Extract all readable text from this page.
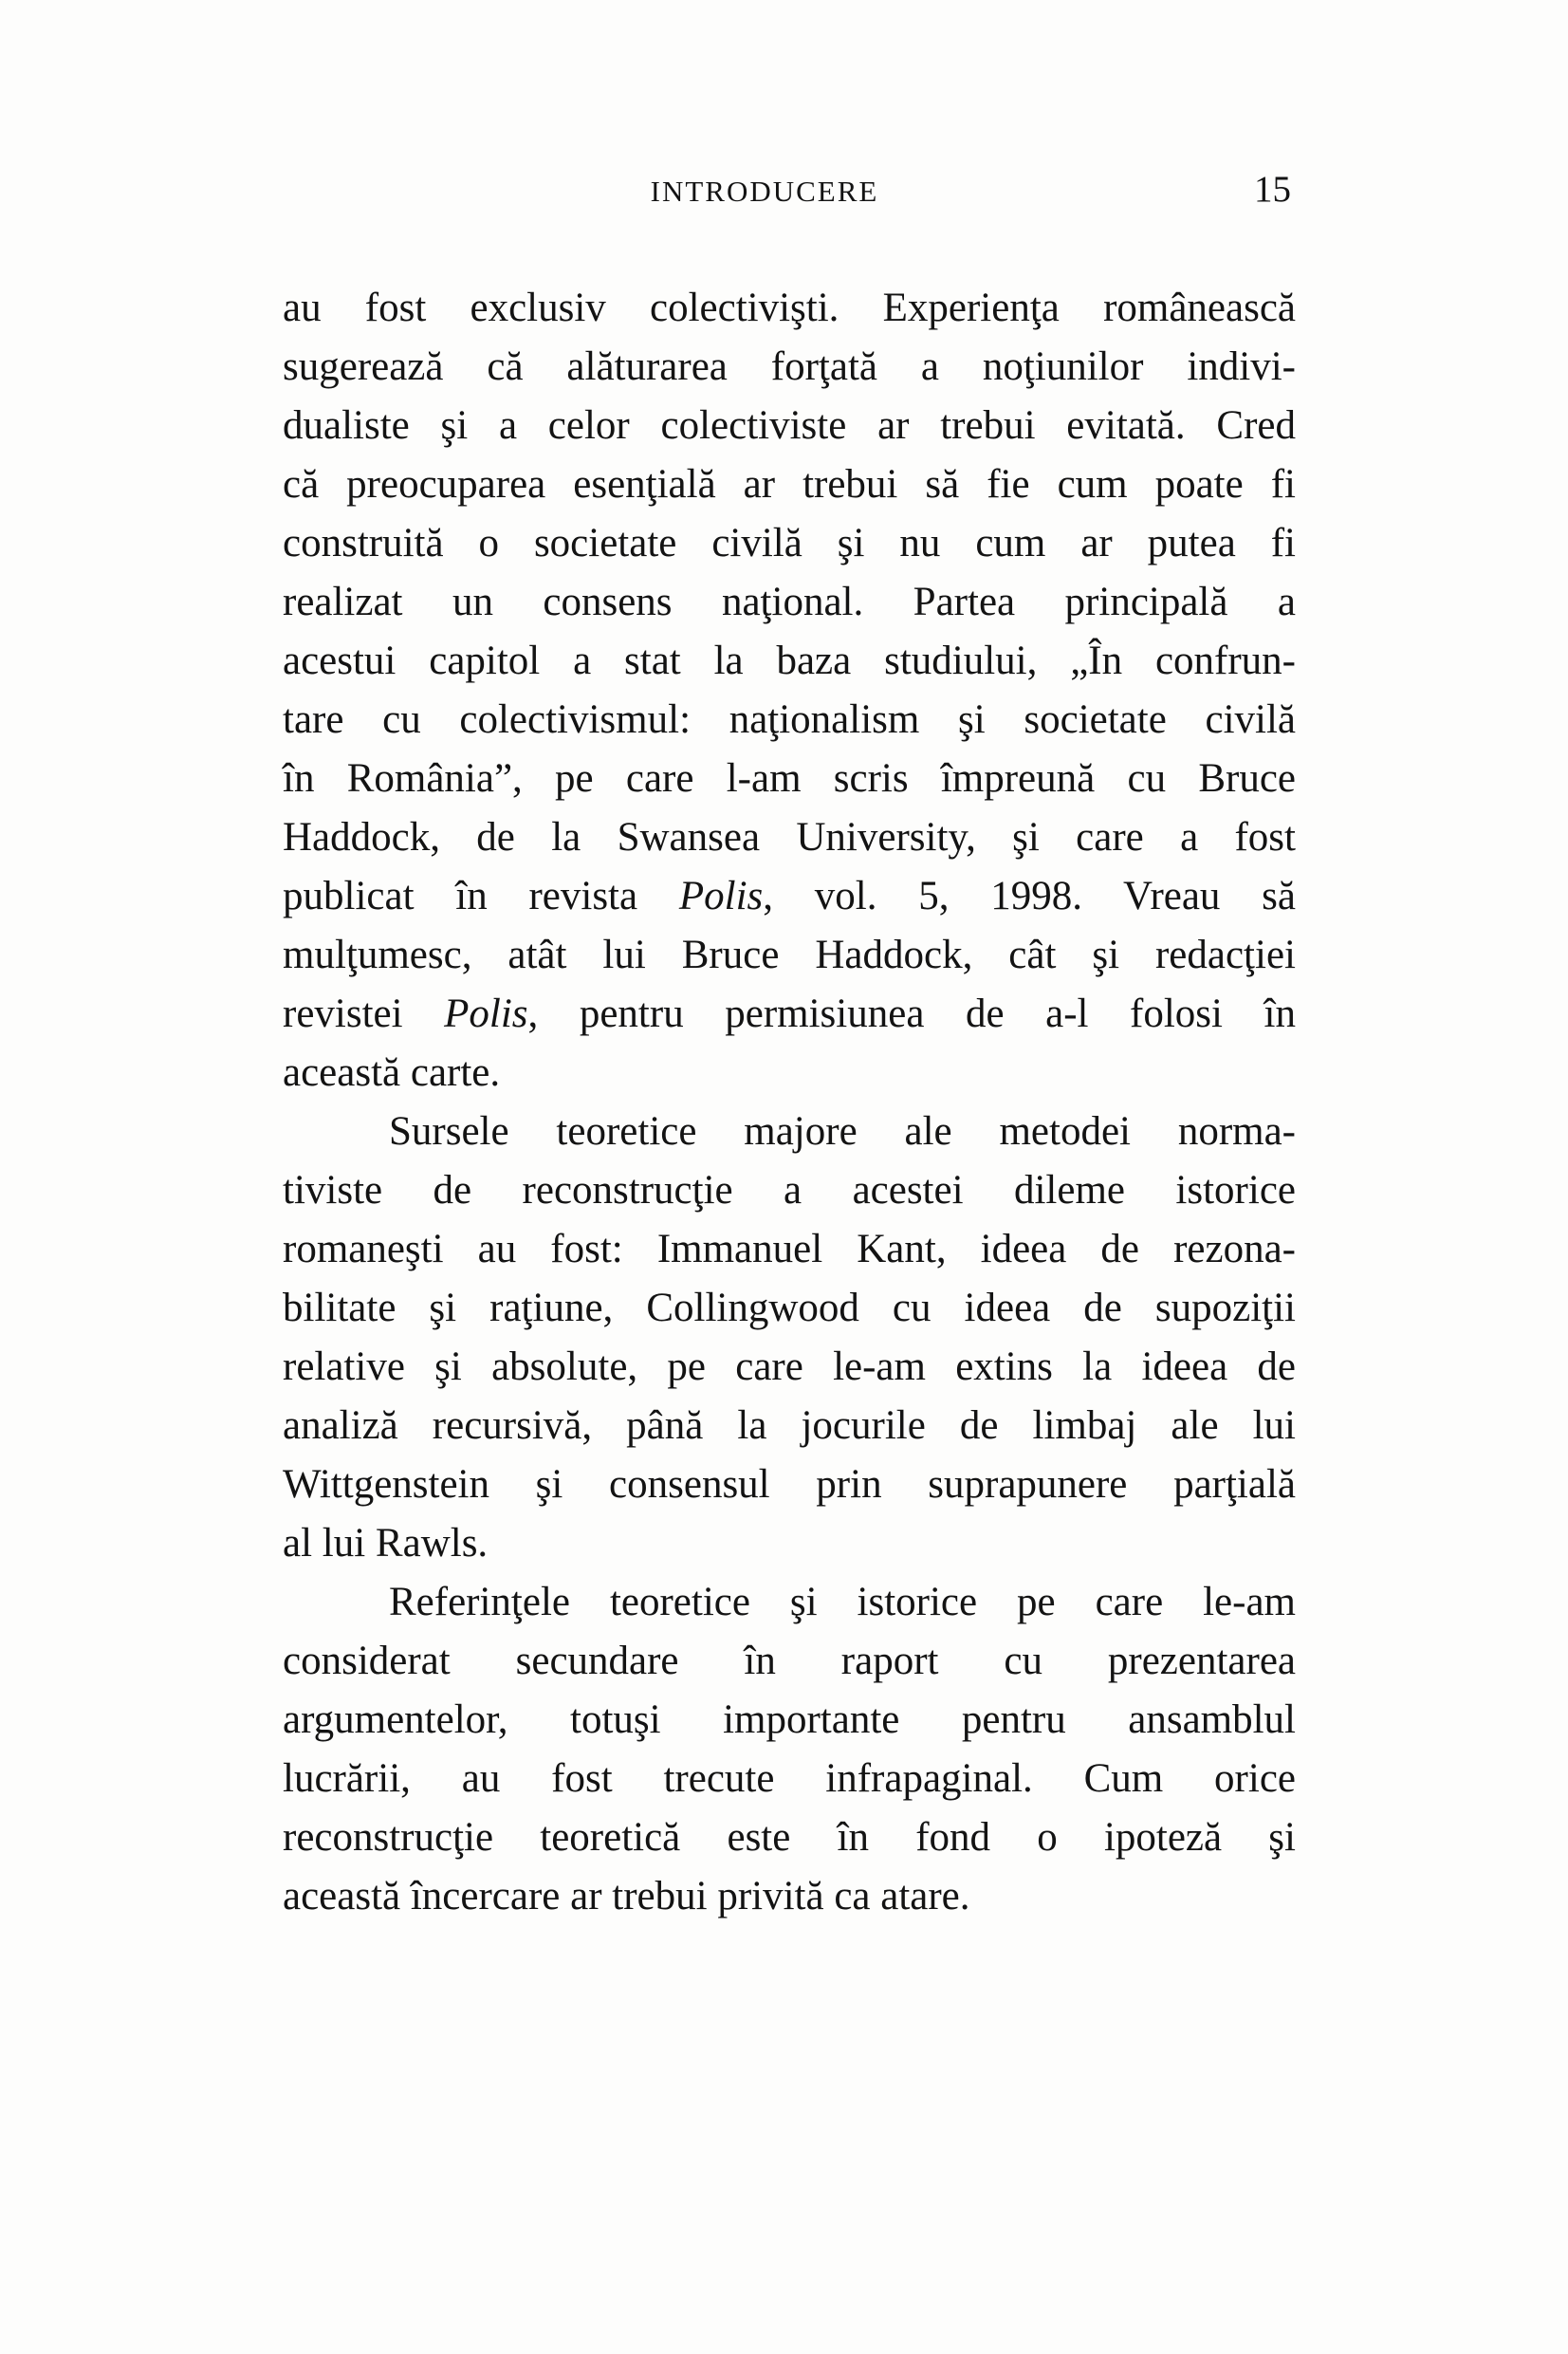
INTRODUCERE	15
au fost exclusiv colectivişti. Experienţa românească
sugerează că alăturarea forţată a noţiunilor indivi-
dualiste şi a celor colectiviste ar trebui evitată. Cred
că preocuparea esenţială ar trebui să fie cum poate fi
construită o societate civilă şi nu cum ar putea fi
realizat un consens naţional. Partea principală a
acestui capitol a stat la baza studiului, „În confrun-
tare cu colectivismul: naţionalism şi societate civilă
în România”, pe care l-am scris împreună cu Bruce
Haddock, de la Swansea University, şi care a fost
publicat în revista Polis, vol. 5, 1998. Vreau să
mulţumesc, atât lui Bruce Haddock, cât şi redacţiei
revistei Polis, pentru permisiunea de a-l folosi în
această carte.
Sursele teoretice majore ale metodei norma-
tiviste de reconstrucţie a acestei dileme istorice
romaneşti au fost: Immanuel Kant, ideea de rezona-
bilitate şi raţiune, Collingwood cu ideea de supoziţii
relative şi absolute, pe care le-am extins la ideea de
analiză recursivă, până la jocurile de limbaj ale lui
Wittgenstein şi consensul prin suprapunere parţială
al lui Rawls.
Referinţele teoretice şi istorice pe care le-am
considerat secundare în raport cu prezentarea
argumentelor, totuşi importante pentru ansamblul
lucrării, au fost trecute infrapaginal. Cum orice
reconstrucţie teoretică este în fond o ipoteză şi
această încercare ar trebui privită ca atare.
